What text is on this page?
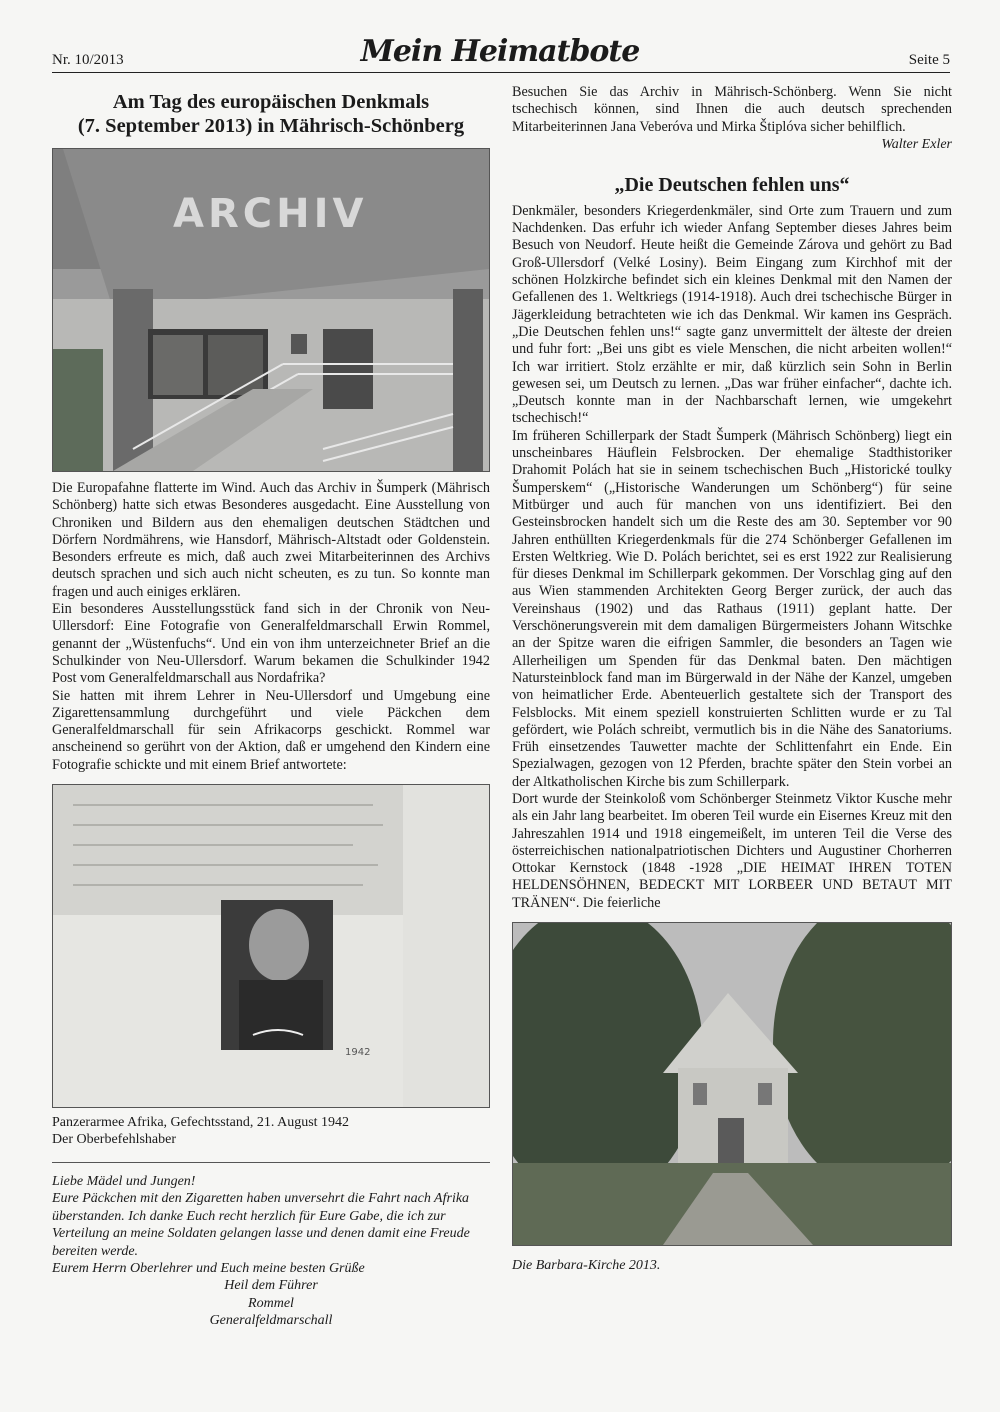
Nr. 10/2013	Mein Heimatbote	Seite 5
Am Tag des europäischen Denkmals
(7. September 2013) in Mährisch-Schönberg
ARCHIV

Die Europafahne flatterte im Wind. Auch das Archiv in Šumperk (Mährisch Schönberg) hatte sich etwas Besonderes ausgedacht. Eine Ausstellung von Chroniken und Bildern aus den ehemaligen deutschen Städtchen und Dörfern Nordmährens, wie Hansdorf, Mährisch-Altstadt oder Goldenstein. Besonders erfreute es mich, daß auch zwei Mitarbeiterinnen des Archivs deutsch sprachen und sich auch nicht scheuten, es zu tun. So konnte man fragen und auch einiges erklären.

Ein besonderes Ausstellungsstück fand sich in der Chronik von Neu-Ullersdorf: Eine Fotografie von Generalfeldmarschall Erwin Rommel, genannt der „Wüstenfuchs“. Und ein von ihm unterzeichneter Brief an die Schulkinder von Neu-Ullersdorf. Warum bekamen die Schulkinder 1942 Post vom Generalfeldmarschall aus Nordafrika?

Sie hatten mit ihrem Lehrer in Neu-Ullersdorf und Umgebung eine Zigarettensammlung durchgeführt und viele Päckchen dem Generalfeldmarschall für sein Afrikacorps geschickt. Rommel war anscheinend so gerührt von der Aktion, daß er umgehend den Kindern eine Fotografie schickte und mit einem Brief antwortete:

1942
Panzerarmee Afrika, Gefechtsstand, 21. August 1942
Der Oberbefehlshaber
Liebe Mädel und Jungen!
Eure Päckchen mit den Zigaretten haben unversehrt die Fahrt nach Afrika überstanden. Ich danke Euch recht herzlich für Eure Gabe, die ich zur Verteilung an meine Soldaten gelangen lasse und denen damit eine Freude bereiten werde.
Eurem Herrn Oberlehrer und Euch meine besten Grüße
Heil dem Führer
Rommel
Generalfeldmarschall

Besuchen Sie das Archiv in Mährisch-Schönberg. Wenn Sie nicht tschechisch können, sind Ihnen die auch deutsch sprechenden Mitarbeiterinnen Jana Veberóva und Mirka Štiplóva sicher behilflich.

Walter Exler
„Die Deutschen fehlen uns“

Denkmäler, besonders Kriegerdenkmäler, sind Orte zum Trauern und zum Nachdenken. Das erfuhr ich wieder Anfang September dieses Jahres beim Besuch von Neudorf. Heute heißt die Gemeinde Zárova und gehört zu Bad Groß-Ullersdorf (Velké Losiny). Beim Eingang zum Kirchhof mit der schönen Holzkirche befindet sich ein kleines Denkmal mit den Namen der Gefallenen des 1. Weltkriegs (1914-1918). Auch drei tschechische Bürger in Jägerkleidung betrachteten wie ich das Denkmal. Wir kamen ins Gespräch. „Die Deutschen fehlen uns!“ sagte ganz unvermittelt der älteste der dreien und fuhr fort: „Bei uns gibt es viele Menschen, die nicht arbeiten wollen!“ Ich war irritiert. Stolz erzählte er mir, daß kürzlich sein Sohn in Berlin gewesen sei, um Deutsch zu lernen. „Das war früher einfacher“, dachte ich. „Deutsch konnte man in der Nachbarschaft lernen, wie umgekehrt tschechisch!“

Im früheren Schillerpark der Stadt Šumperk (Mährisch Schönberg) liegt ein unscheinbares Häuflein Felsbrocken. Der ehemalige Stadthistoriker Drahomit Polách hat sie in seinem tschechischen Buch „Historické toulky Šumperskem“ („Historische Wanderungen um Schönberg“) für seine Mitbürger und auch für manchen von uns identifiziert. Bei den Gesteinsbrocken handelt sich um die Reste des am 30. September vor 90 Jahren enthüllten Kriegerdenkmals für die 274 Schönberger Gefallenen im Ersten Weltkrieg. Wie D. Polách berichtet, sei es erst 1922 zur Realisierung für dieses Denkmal im Schillerpark gekommen. Der Vorschlag ging auf den aus Wien stammenden Architekten Georg Berger zurück, der auch das Vereinshaus (1902) und das Rathaus (1911) geplant hatte. Der Verschönerungsverein mit dem damaligen Bürgermeisters Johann Witschke an der Spitze waren die eifrigen Sammler, die besonders an Tagen wie Allerheiligen um Spenden für das Denkmal baten. Den mächtigen Natursteinblock fand man im Bürgerwald in der Nähe der Kanzel, umgeben von heimatlicher Erde. Abenteuerlich gestaltete sich der Transport des Felsblocks. Mit einem speziell konstruierten Schlitten wurde er zu Tal gefördert, wie Polách schreibt, vermutlich bis in die Nähe des Sanatoriums. Früh einsetzendes Tauwetter machte der Schlittenfahrt ein Ende. Ein Spezialwagen, gezogen von 12 Pferden, brachte später den Stein vorbei an der Altkatholischen Kirche bis zum Schillerpark.

Dort wurde der Steinkoloß vom Schönberger Steinmetz Viktor Kusche mehr als ein Jahr lang bearbeitet. Im oberen Teil wurde ein Eisernes Kreuz mit den Jahreszahlen 1914 und 1918 eingemeißelt, im unteren Teil die Verse des österreichischen nationalpatriotischen Dichters und Augustiner Chorherren Ottokar Kernstock (1848 -1928 „DIE HEIMAT IHREN TOTEN HELDENSÖHNEN, BEDECKT MIT LORBEER UND BETAUT MIT TRÄNEN“. Die feierliche

Die Barbara-Kirche 2013.
